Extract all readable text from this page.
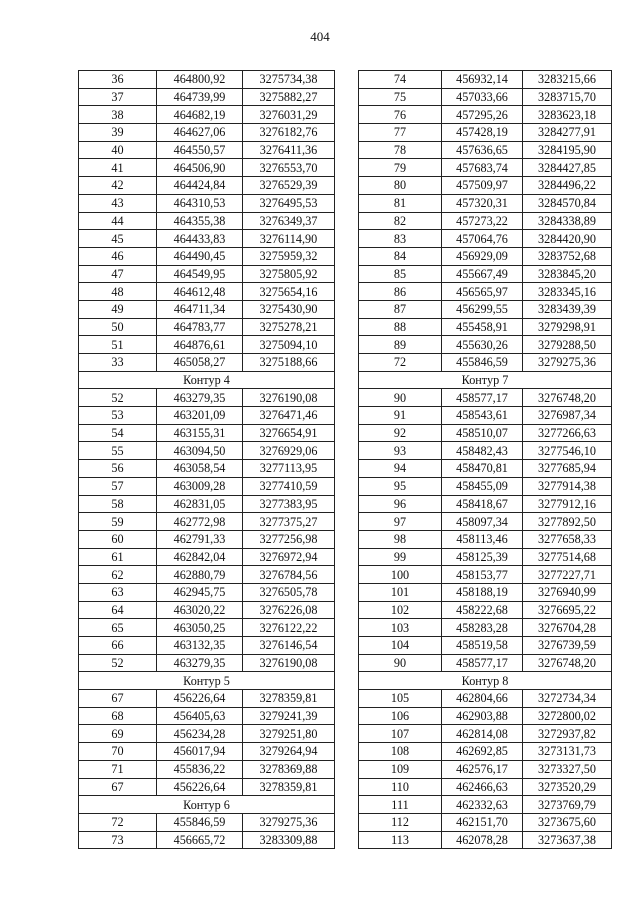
404
36	464800,92	3275734,38
37	464739,99	3275882,27
38	464682,19	3276031,29
39	464627,06	3276182,76
40	464550,57	3276411,36
41	464506,90	3276553,70
42	464424,84	3276529,39
43	464310,53	3276495,53
44	464355,38	3276349,37
45	464433,83	3276114,90
46	464490,45	3275959,32
47	464549,95	3275805,92
48	464612,48	3275654,16
49	464711,34	3275430,90
50	464783,77	3275278,21
51	464876,61	3275094,10
33	465058,27	3275188,66
Контур 4		
52	463279,35	3276190,08
53	463201,09	3276471,46
54	463155,31	3276654,91
55	463094,50	3276929,06
56	463058,54	3277113,95
57	463009,28	3277410,59
58	462831,05	3277383,95
59	462772,98	3277375,27
60	462791,33	3277256,98
61	462842,04	3276972,94
62	462880,79	3276784,56
63	462945,75	3276505,78
64	463020,22	3276226,08
65	463050,25	3276122,22
66	463132,35	3276146,54
52	463279,35	3276190,08
Контур 5		
67	456226,64	3278359,81
68	456405,63	3279241,39
69	456234,28	3279251,80
70	456017,94	3279264,94
71	455836,22	3278369,88
67	456226,64	3278359,81
Контур 6		
72	455846,59	3279275,36
73	456665,72	3283309,88
74	456932,14	3283215,66
75	457033,66	3283715,70
76	457295,26	3283623,18
77	457428,19	3284277,91
78	457636,65	3284195,90
79	457683,74	3284427,85
80	457509,97	3284496,22
81	457320,31	3284570,84
82	457273,22	3284338,89
83	457064,76	3284420,90
84	456929,09	3283752,68
85	455667,49	3283845,20
86	456565,97	3283345,16
87	456299,55	3283439,39
88	455458,91	3279298,91
89	455630,26	3279288,50
72	455846,59	3279275,36
Контур 7		
90	458577,17	3276748,20
91	458543,61	3276987,34
92	458510,07	3277266,63
93	458482,43	3277546,10
94	458470,81	3277685,94
95	458455,09	3277914,38
96	458418,67	3277912,16
97	458097,34	3277892,50
98	458113,46	3277658,33
99	458125,39	3277514,68
100	458153,77	3277227,71
101	458188,19	3276940,99
102	458222,68	3276695,22
103	458283,28	3276704,28
104	458519,58	3276739,59
90	458577,17	3276748,20
Контур 8		
105	462804,66	3272734,34
106	462903,88	3272800,02
107	462814,08	3272937,82
108	462692,85	3273131,73
109	462576,17	3273327,50
110	462466,63	3273520,29
111	462332,63	3273769,79
112	462151,70	3273675,60
113	462078,28	3273637,38
